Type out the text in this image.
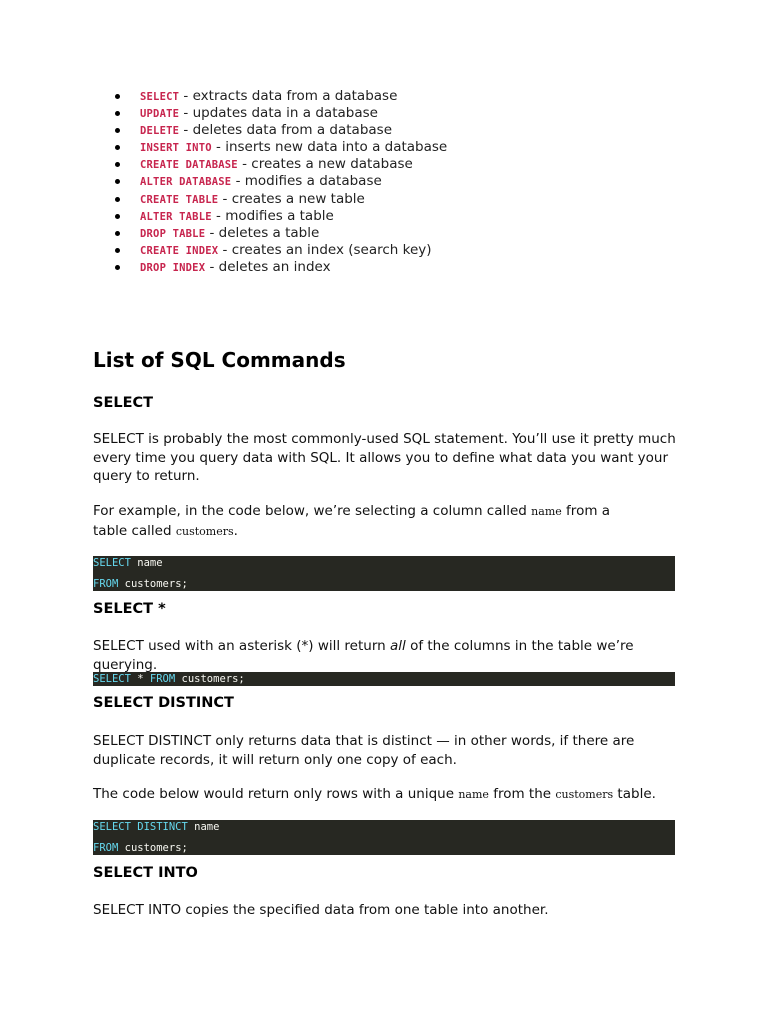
SELECT - extracts data from a database
UPDATE - updates data in a database
DELETE - deletes data from a database
INSERT INTO - inserts new data into a database
CREATE DATABASE - creates a new database
ALTER DATABASE - modifies a database
CREATE TABLE - creates a new table
ALTER TABLE - modifies a table
DROP TABLE - deletes a table
CREATE INDEX - creates an index (search key)
DROP INDEX - deletes an index
List of SQL Commands
SELECT

SELECT is probably the most commonly-used SQL statement. You’ll use it pretty much every time you query data with SQL. It allows you to define what data you want your query to return.

For example, in the code below, we’re selecting a column called name from a table called customers.

SELECT name
FROM customers;
SELECT *

SELECT used with an asterisk (*) will return all of the columns in the table we’re querying.

SELECT * FROM customers;
SELECT DISTINCT

SELECT DISTINCT only returns data that is distinct — in other words, if there are duplicate records, it will return only one copy of each.

The code below would return only rows with a unique name from the customers table.

SELECT DISTINCT name
FROM customers;
SELECT INTO

SELECT INTO copies the specified data from one table into another.
